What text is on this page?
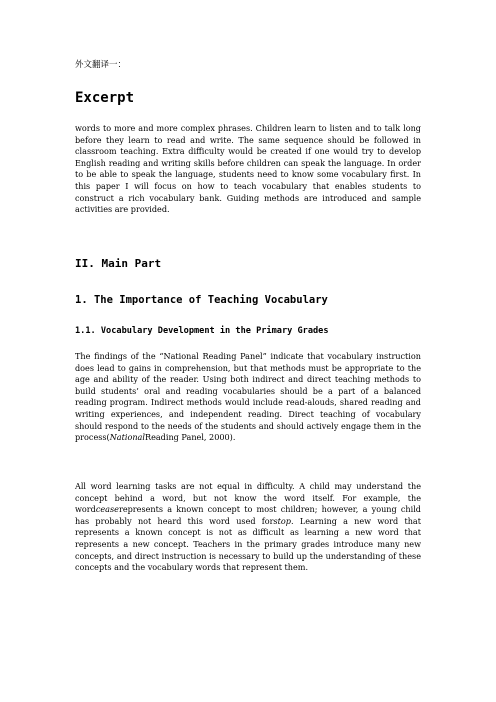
外文翻译一：
Excerpt

words to more and more complex phrases. Children learn to listen and to talk long before they learn to read and write. The same sequence should be followed in classroom teaching. Extra difficulty would be created if one would try to develop English reading and writing skills before children can speak the language. In order to be able to speak the language, students need to know some vocabulary first. In this paper I will focus on how to teach vocabulary that enables students to construct a rich vocabulary bank. Guiding methods are introduced and sample activities are provided.

II. Main Part
1. The Importance of Teaching Vocabulary
1.1. Vocabulary Development in the Primary Grades

The findings of the “National Reading Panel” indicate that vocabulary instruction does lead to gains in comprehension, but that methods must be appropriate to the age and ability of the reader. Using both indirect and direct teaching methods to build students’ oral and reading vocabularies should be a part of a balanced reading program. Indirect methods would include read-alouds, shared reading and writing experiences, and independent reading. Direct teaching of vocabulary should respond to the needs of the students and should actively engage them in the process(NationalReading Panel, 2000).

All word learning tasks are not equal in difficulty. A child may understand the concept behind a word, but not know the word itself. For example, the wordceaserepresents a known concept to most children; however, a young child has probably not heard this word used forstop. Learning a new word that represents a known concept is not as difficult as learning a new word that represents a new concept. Teachers in the primary grades introduce many new concepts, and direct instruction is necessary to build up the understanding of these concepts and the vocabulary words that represent them.
